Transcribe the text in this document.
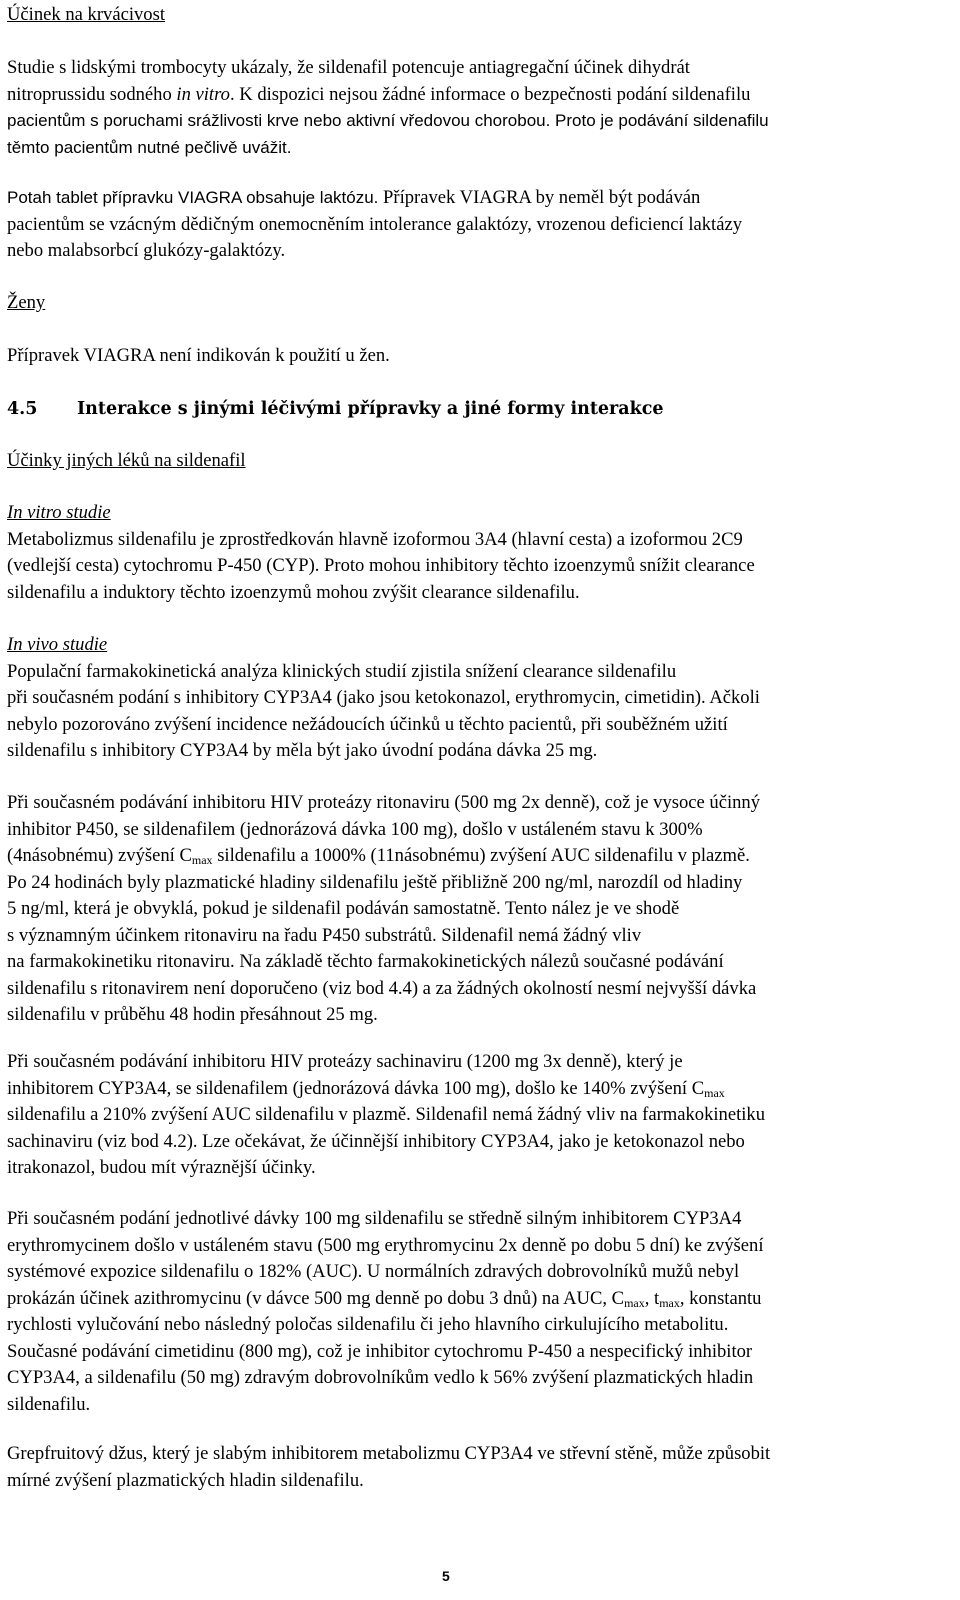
Účinek na krvácivost

Studie s lidskými trombocyty ukázaly, že sildenafil potencuje antiagregační účinek dihydrát

nitroprussidu sodného in vitro. K dispozici nejsou žádné informace o bezpečnosti podání sildenafilu

pacientům s poruchami srážlivosti krve nebo aktivní vředovou chorobou. Proto je podávání sildenafilu

těmto pacientům nutné pečlivě uvážit.

Potah tablet přípravku VIAGRA obsahuje laktózu. Přípravek VIAGRA by neměl být podáván

pacientům se vzácným dědičným onemocněním intolerance galaktózy, vrozenou deficiencí laktázy

nebo malabsorbcí glukózy-galaktózy.

Ženy

Přípravek VIAGRA není indikován k použití u žen.

4.5 Interakce s jinými léčivými přípravky a jiné formy interakce

Účinky jiných léků na sildenafil

In vitro studie

Metabolizmus sildenafilu je zprostředkován hlavně izoformou 3A4 (hlavní cesta) a izoformou 2C9

(vedlejší cesta) cytochromu P-450 (CYP). Proto mohou inhibitory těchto izoenzymů snížit clearance

sildenafilu a induktory těchto izoenzymů mohou zvýšit clearance sildenafilu.

In vivo studie

Populační farmakokinetická analýza klinických studií zjistila snížení clearance sildenafilu

při současném podání s inhibitory CYP3A4 (jako jsou ketokonazol, erythromycin, cimetidin). Ačkoli

nebylo pozorováno zvýšení incidence nežádoucích účinků u těchto pacientů, při souběžném užití

sildenafilu s inhibitory CYP3A4 by měla být jako úvodní podána dávka 25 mg.

Při současném podávání inhibitoru HIV proteázy ritonaviru (500 mg 2x denně), což je vysoce účinný

inhibitor P450, se sildenafilem (jednorázová dávka 100 mg), došlo v ustáleném stavu k 300%

(4násobnému) zvýšení $C_{max}$ sildenafilu a 1000% (11násobnému) zvýšení AUC sildenafilu v plazmě.

Po 24 hodinách byly plazmatické hladiny sildenafilu ještě přibližně 200 ng/ml, narozdíl od hladiny

5 ng/ml, která je obvyklá, pokud je sildenafil podáván samostatně. Tento nález je ve shodě

s významným účinkem ritonaviru na řadu P450 substrátů. Sildenafil nemá žádný vliv

na farmakokinetiku ritonaviru. Na základě těchto farmakokinetických nálezů současné podávání

sildenafilu s ritonavirem není doporučeno (viz bod 4.4) a za žádných okolností nesmí nejvyšší dávka

sildenafilu v průběhu 48 hodin přesáhnout 25 mg.

Při současném podávání inhibitoru HIV proteázy sachinaviru (1200 mg 3x denně), který je

inhibitorem CYP3A4, se sildenafilem (jednorázová dávka 100 mg), došlo ke 140% zvýšení $C_{max}$

sildenafilu a 210% zvýšení AUC sildenafilu v plazmě. Sildenafil nemá žádný vliv na farmakokinetiku

sachinaviru (viz bod 4.2). Lze očekávat, že účinnější inhibitory CYP3A4, jako je ketokonazol nebo

itrakonazol, budou mít výraznější účinky.

Při současném podání jednotlivé dávky 100 mg sildenafilu se středně silným inhibitorem CYP3A4

erythromycinem došlo v ustáleném stavu (500 mg erythromycinu 2x denně po dobu 5 dní) ke zvýšení

systémové expozice sildenafilu o 182% (AUC). U normálních zdravých dobrovolníků mužů nebyl

prokázán účinek azithromycinu (v dávce 500 mg denně po dobu 3 dnů) na AUC, $C_{max}$, $t_{max}$, konstantu

rychlosti vylučování nebo následný poločas sildenafilu či jeho hlavního cirkulujícího metabolitu.

Současné podávání cimetidinu (800 mg), což je inhibitor cytochromu P-450 a nespecifický inhibitor

CYP3A4, a sildenafilu (50 mg) zdravým dobrovolníkům vedlo k 56% zvýšení plazmatických hladin

sildenafilu.

Grepfruitový džus, který je slabým inhibitorem metabolizmu CYP3A4 ve střevní stěně, může způsobit

mírné zvýšení plazmatických hladin sildenafilu.

5
